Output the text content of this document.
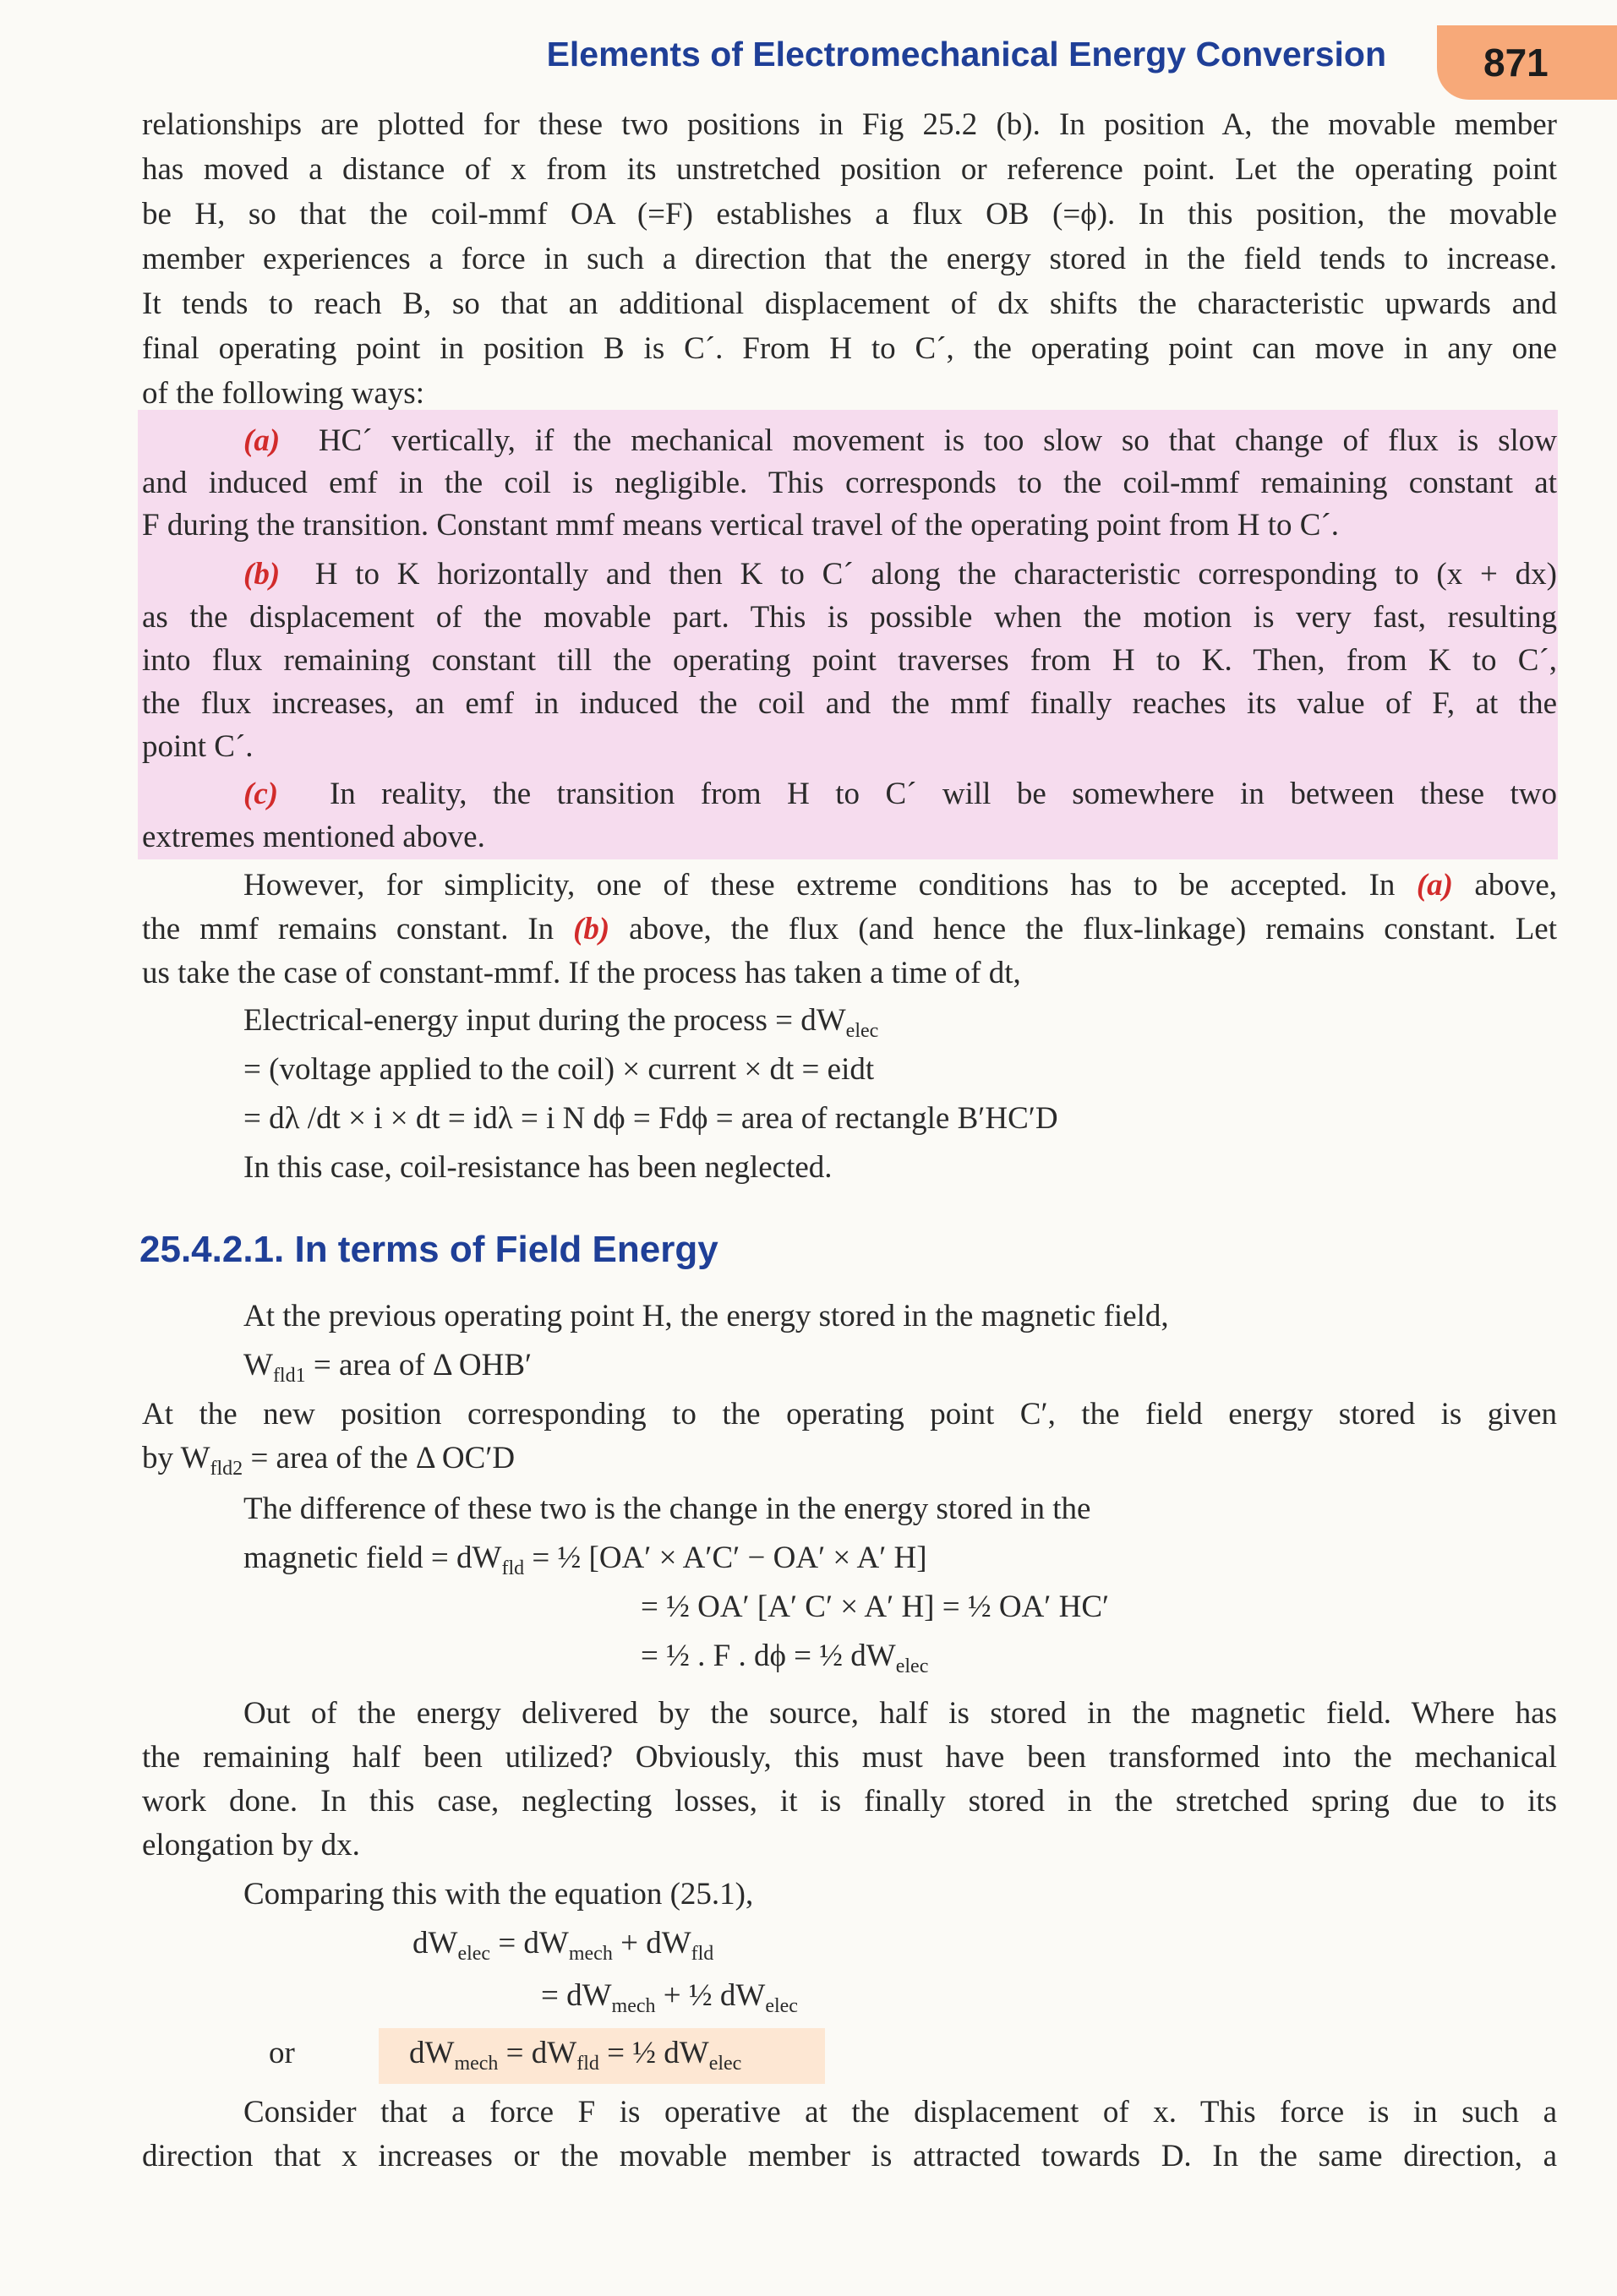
Elements of Electromechanical Energy Conversion	871

relationships are plotted for these two positions in Fig 25.2 (b). In position A, the movable member

has moved a distance of x from its unstretched position or reference point. Let the operating point

be H, so that the coil-mmf OA (=F) establishes a flux OB (=ϕ). In this position, the movable

member experiences a force in such a direction that the energy stored in the field tends to increase.

It tends to reach B, so that an additional displacement of dx shifts the characteristic upwards and

final operating point in position B is C´. From H to C´, the operating point can move in any one

of the following ways:

(a) HC´ vertically, if the mechanical movement is too slow so that change of flux is slow

and induced emf in the coil is negligible. This corresponds to the coil-mmf remaining constant at

F during the transition. Constant mmf means vertical travel of the operating point from H to C´.

(b) H to K horizontally and then K to C´ along the characteristic corresponding to (x + dx)

as the displacement of the movable part. This is possible when the motion is very fast, resulting

into flux remaining constant till the operating point traverses from H to K. Then, from K to C´,

the flux increases, an emf in induced the coil and the mmf finally reaches its value of F, at the

point C´.

(c) In reality, the transition from H to C´ will be somewhere in between these two

extremes mentioned above.

However, for simplicity, one of these extreme conditions has to be accepted. In (a) above,

the mmf remains constant. In (b) above, the flux (and hence the flux-linkage) remains constant. Let

us take the case of constant-mmf. If the process has taken a time of dt,

Electrical-energy input during the process = $dW_{elec}$

= (voltage applied to the coil) × current × dt = eidt

= dλ /dt × i × dt = idλ = i N dϕ = Fdϕ = area of rectangle B′HC′D

In this case, coil-resistance has been neglected.

25.4.2.1. In terms of Field Energy

At the previous operating point H, the energy stored in the magnetic field,

$W_{fld1}$ = area of Δ OHB′

At the new position corresponding to the operating point C′, the field energy stored is given

by $W_{fld2}$ = area of the Δ OC′D

The difference of these two is the change in the energy stored in the

magnetic field = $dW_{fld}$ = ½ [OA′ × A′C′ − OA′ × A′ H]

= ½ OA′ [A′ C′ × A′ H] = ½ OA′ HC′

= ½ . F . dϕ = ½ $dW_{elec}$

Out of the energy delivered by the source, half is stored in the magnetic field. Where has

the remaining half been utilized? Obviously, this must have been transformed into the mechanical

work done. In this case, neglecting losses, it is finally stored in the stretched spring due to its

elongation by dx.

Comparing this with the equation (25.1),

$dW_{elec} = dW_{mech} + dW_{fld}$

= $dW_{mech}$ + ½ $dW_{elec}$

or	$dW_{mech} = dW_{fld}$ = ½ $dW_{elec}$

Consider that a force F is operative at the displacement of x. This force is in such a

direction that x increases or the movable member is attracted towards D. In the same direction, a
